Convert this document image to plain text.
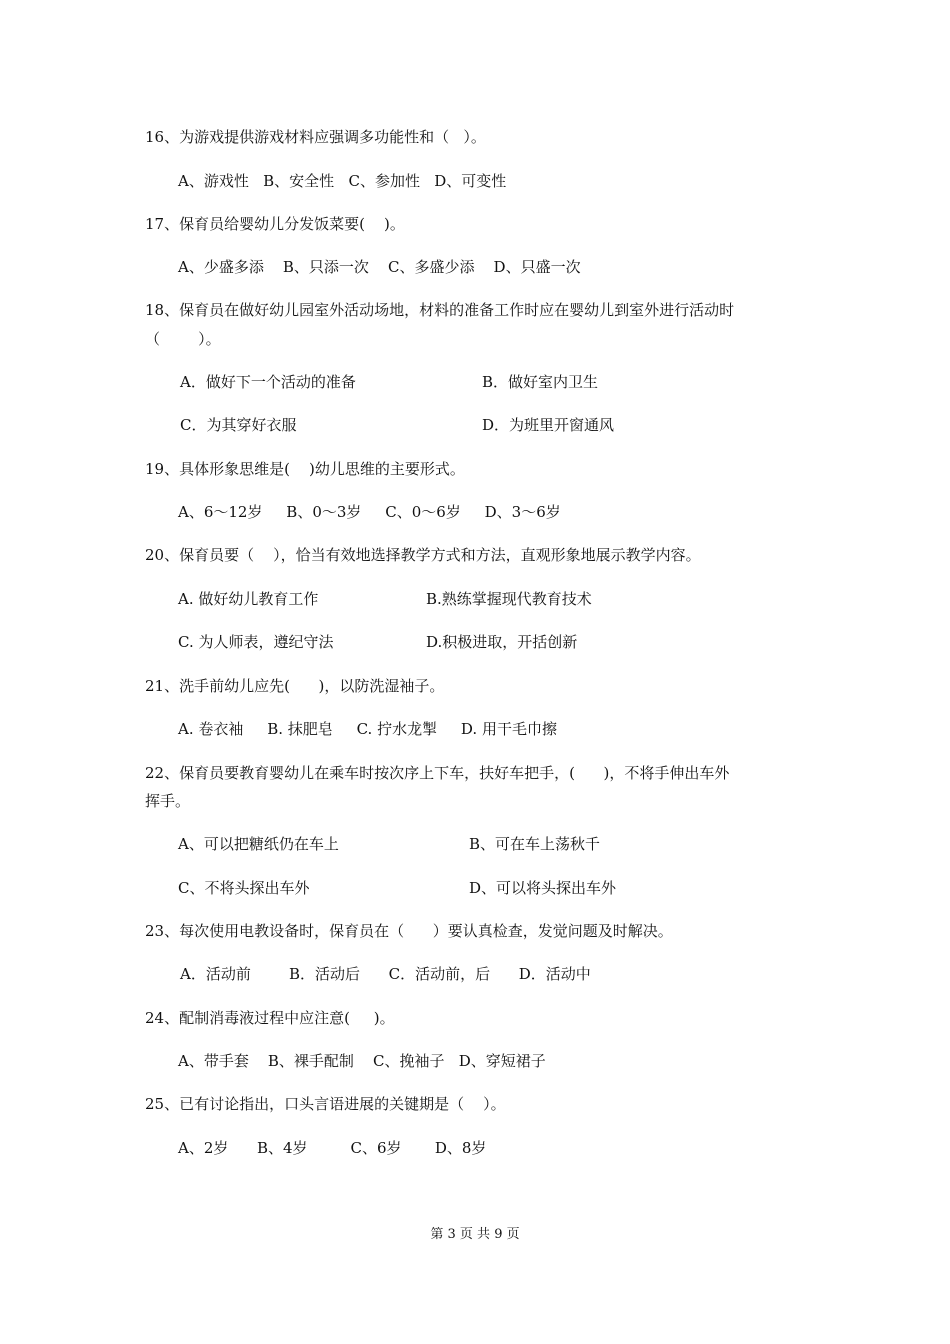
16、为游戏提供游戏材料应强调多功能性和（   ）。
A、游戏性   B、安全性   C、参加性   D、可变性
17、保育员给婴幼儿分发饭菜要(    )。
A、少盛多添    B、只添一次    C、多盛少添    D、只盛一次
18、保育员在做好幼儿园室外活动场地，材料的准备工作时应在婴幼儿到室外进行活动时
（        ）。
A．做好下一个活动的准备	B．做好室内卫生
C．为其穿好衣服	D．为班里开窗通风
19、具体形象思维是(    )幼儿思维的主要形式。
A、6～12岁     B、0～3岁     C、0～6岁     D、3～6岁
20、保育员要（    ），恰当有效地选择教学方式和方法，直观形象地展示教学内容。
A. 做好幼儿教育工作	B.熟练掌握现代教育技术
C. 为人师表，遵纪守法	D.积极进取，开括创新
21、洗手前幼儿应先(      )，以防洗湿袖子。
A. 卷衣袖     B. 抹肥皂     C. 拧水龙掣     D. 用干毛巾擦
22、保育员要教育婴幼儿在乘车时按次序上下车，扶好车把手，(      )，不将手伸出车外
挥手。
A、可以把糖纸仍在车上	B、可在车上荡秋千
C、不将头探出车外	D、可以将头探出车外
23、每次使用电教设备时，保育员在（      ）要认真检查，发觉问题及时解决。
A．活动前        B．活动后      C．活动前，后      D．活动中
24、配制消毒液过程中应注意(     )。
A、带手套    B、裸手配制    C、挽袖子   D、穿短裙子
25、已有讨论指出，口头言语进展的关键期是（    ）。
A、2岁      B、4岁         C、6岁       D、8岁
第 3 页 共 9 页
